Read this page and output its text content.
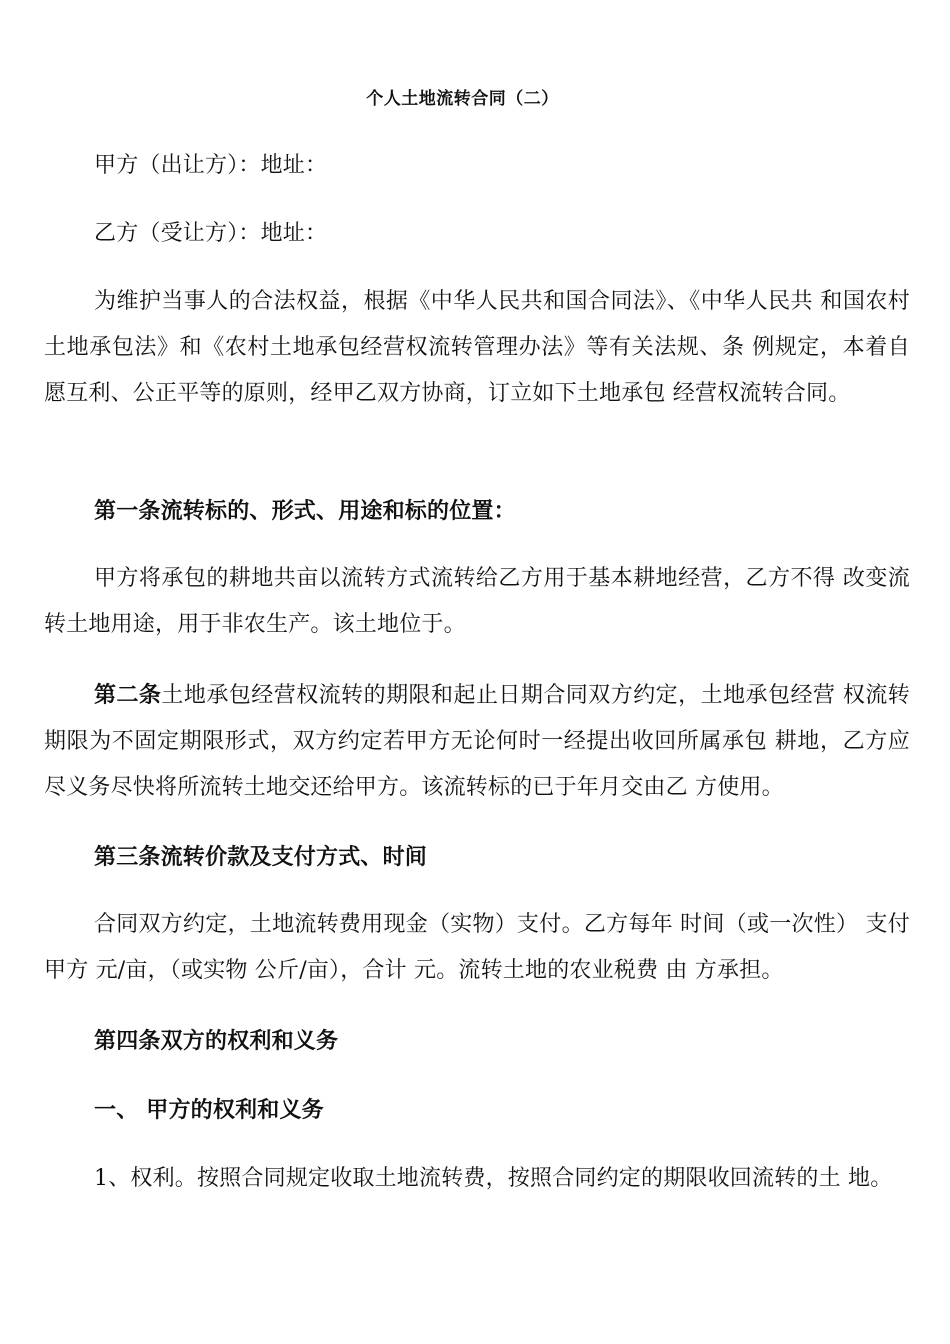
个人土地流转合同（二）

甲方（出让方）：地址：

乙方（受让方）：地址：

为维护当事人的合法权益，根据《中华人民共和国合同法》、《中华人民共 和国农村土地承包法》和《农村土地承包经营权流转管理办法》等有关法规、条 例规定，本着自愿互利、公正平等的原则，经甲乙双方协商，订立如下土地承包 经营权流转合同。

第一条流转标的、形式、用途和标的位置：

甲方将承包的耕地共亩以流转方式流转给乙方用于基本耕地经营，乙方不得 改变流转土地用途，用于非农生产。该土地位于。

第二条土地承包经营权流转的期限和起止日期合同双方约定，土地承包经营 权流转期限为不固定期限形式，双方约定若甲方无论何时一经提出收回所属承包 耕地，乙方应尽义务尽快将所流转土地交还给甲方。该流转标的已于年月交由乙 方使用。

第三条流转价款及支付方式、时间

合同双方约定，土地流转费用现金（实物）支付。乙方每年 时间（或一次性） 支付甲方 元/亩，（或实物 公斤/亩），合计 元。流转土地的农业税费 由 方承担。

第四条双方的权利和义务

一、 甲方的权利和义务

1、权利。按照合同规定收取土地流转费，按照合同约定的期限收回流转的土 地。
